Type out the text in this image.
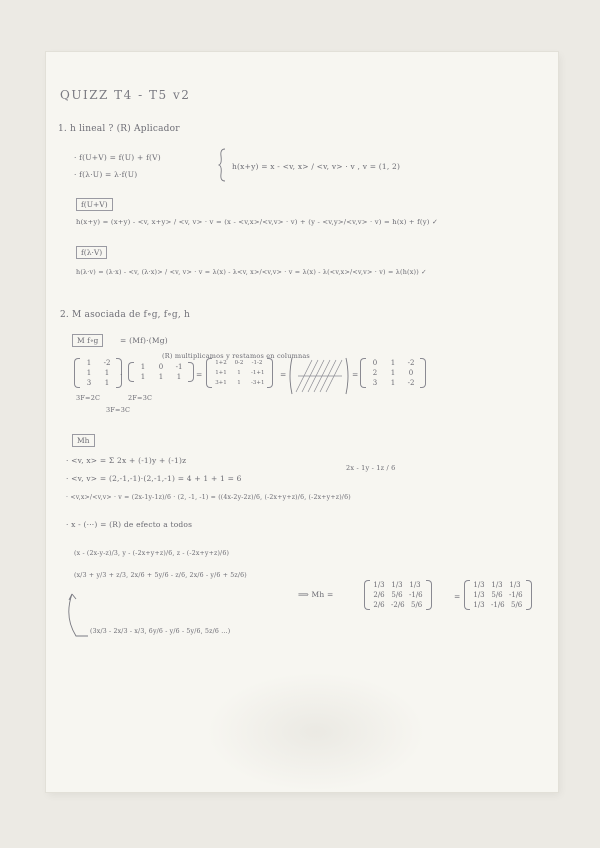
QUIZZ T4 - T5 v2
1. h lineal ? (R) Aplicador
· f(U+V) = f(U) + f(V)
· f(λ·U) = λ·f(U)
h(x+y) = x - <v, x> / <v, v> · v , v = (1, 2)
f(U+V)
h(x+y) = (x+y) - <v, x+y> / <v, v> · v = (x - <v,x>/<v,v> · v) + (y - <v,y>/<v,v> · v) = h(x) + f(y) ✓
f(λ·V)
h(λ·v) = (λ·x) - <v, (λ·x)> / <v, v> · v = λ(x) - λ<v, x>/<v,v> · v = λ(x) - λ(<v,x>/<v,v> · v) = λ(h(x)) ✓
2. M asociada de f∘g, f∘g, h
M f∘g	= (Mf)·(Mg)
(R) multiplicamos y restamos en columnas
1	-2
1	1
3	1
·
1	0	-1
1	1	1	=
1+2 0-2 -1-2
1+1	1	-1+1
3+1	1	-3+1
=	=
0	1	-2
2	1	0
3	1	-2
3F=2C	2F=3C
3F=3C
Mh
· <v, x> = Σ 2x + (-1)y + (-1)z
· <v, v> = (2,-1,-1)·(2,-1,-1) = 4 + 1 + 1 = 6
2x - 1y - 1z / 6
· <v,x>/<v,v> · v = (2x-1y-1z)/6 · (2, -1, -1) = ((4x-2y-2z)/6, (-2x+y+z)/6, (-2x+y+z)/6)
· x - (···) = (R) de efecto a todos
(x - (2x-y-z)/3, y - (-2x+y+z)/6, z - (-2x+y+z)/6)
(x/3 + y/3 + z/3, 2x/6 + 5y/6 - z/6, 2x/6 - y/6 + 5z/6)
⟹ Mh =
1/3 1/3 1/3
2/6 5/6 -1/6
2/6 -2/6 5/6
=
1/3 1/3 1/3
1/3 5/6 -1/6
1/3 -1/6 5/6
(3x/3 - 2x/3 - x/3, 6y/6 - y/6 - 5y/6, 5z/6 ...)
